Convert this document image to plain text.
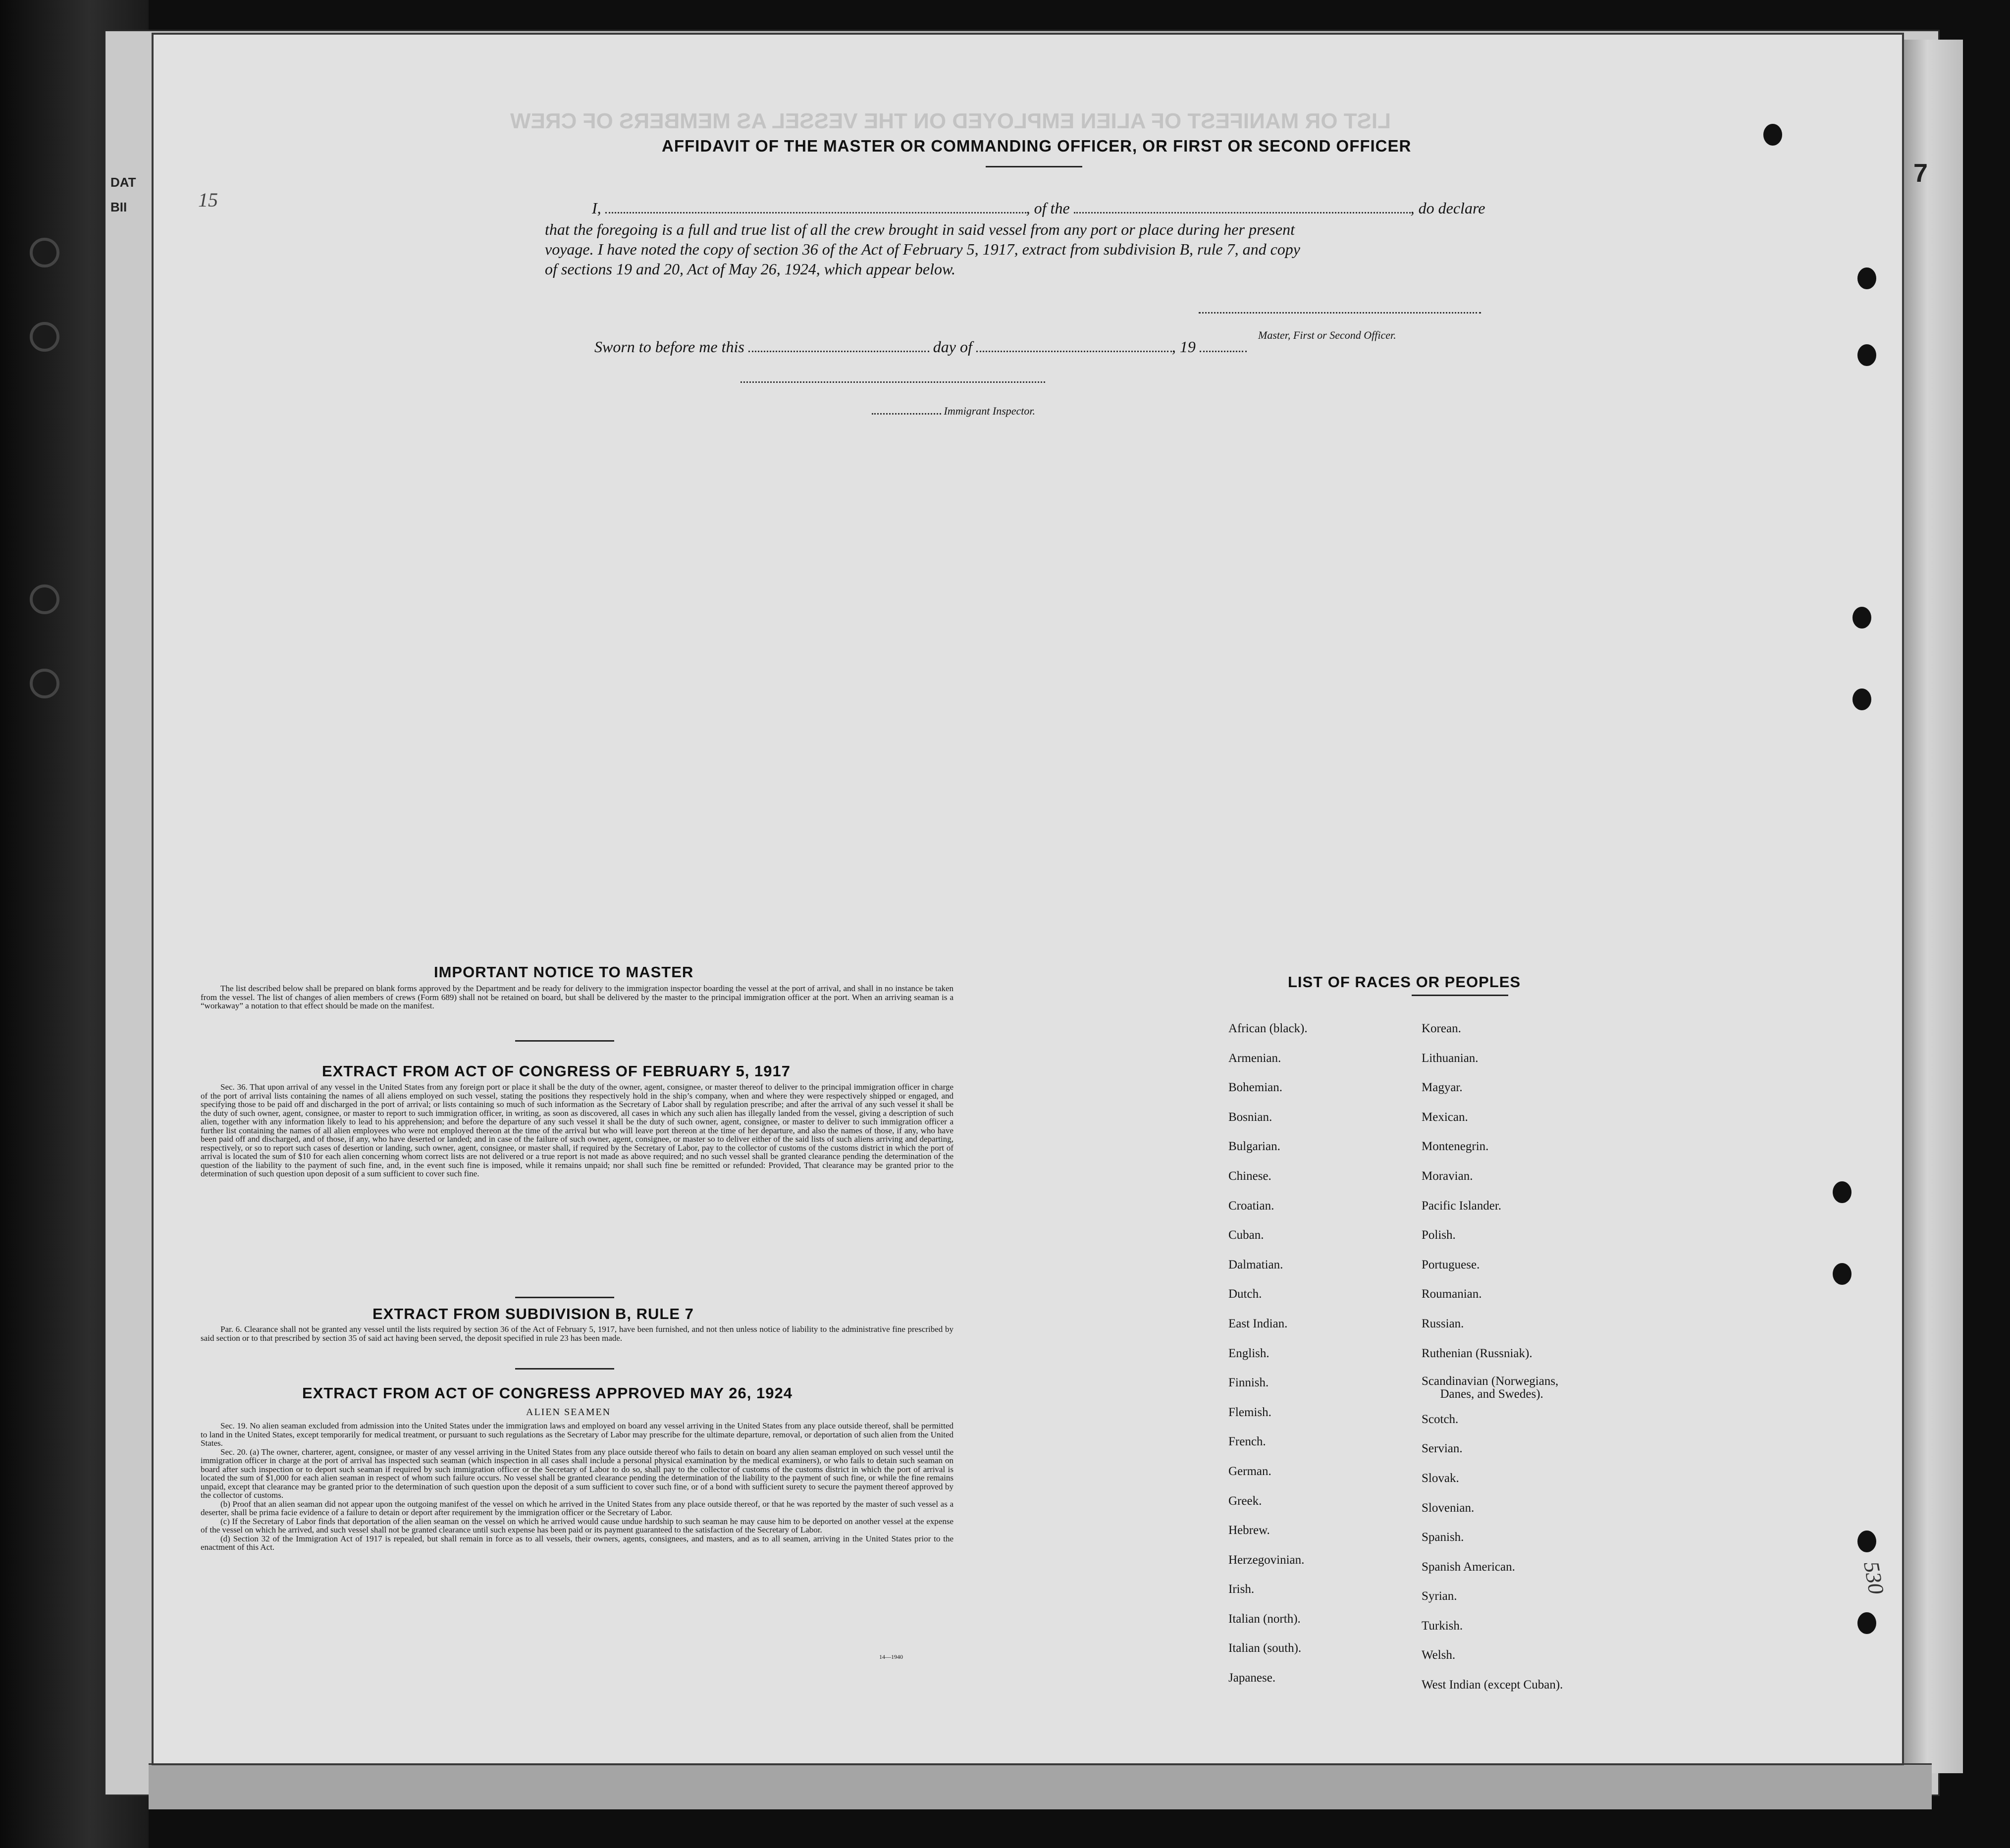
DAT
BII
7
LIST OR MANIFEST OF ALIEN EMPLOYED ON THE VESSEL AS MEMBERS OF CREW
15
AFFIDAVIT OF THE MASTER OR COMMANDING OFFICER, OR FIRST OR SECOND OFFICER
I,	, of the	, do declare
that the foregoing is a full and true list of all the crew brought in said vessel from any port or place during her present
voyage. I have noted the copy of section 36 of the Act of February 5, 1917, extract from subdivision B, rule 7, and copy
of sections 19 and 20, Act of May 26, 1924, which appear below.
Master, First or Second Officer.
Sworn to before me this	day of	, 19
Immigrant Inspector.
IMPORTANT NOTICE TO MASTER

The list described below shall be prepared on blank forms approved by the Department and be ready for delivery to the immigration inspector boarding the vessel at the port of arrival, and shall in no instance be taken from the vessel. The list of changes of alien members of crews (Form 689) shall not be retained on board, but shall be delivered by the master to the principal immigration officer at the port. When an arriving seaman is a “workaway” a notation to that effect should be made on the manifest.

EXTRACT FROM ACT OF CONGRESS OF FEBRUARY 5, 1917

Sec. 36. That upon arrival of any vessel in the United States from any foreign port or place it shall be the duty of the owner, agent, consignee, or master thereof to deliver to the principal immigration officer in charge of the port of arrival lists containing the names of all aliens employed on such vessel, stating the positions they respectively hold in the ship’s company, when and where they were respectively shipped or engaged, and specifying those to be paid off and discharged in the port of arrival; or lists containing so much of such information as the Secretary of Labor shall by regulation prescribe; and after the arrival of any such vessel it shall be the duty of such owner, agent, consignee, or master to report to such immigration officer, in writing, as soon as discovered, all cases in which any such alien has illegally landed from the vessel, giving a description of such alien, together with any information likely to lead to his apprehension; and before the departure of any such vessel it shall be the duty of such owner, agent, consignee, or master to deliver to such immigration officer a further list containing the names of all alien employees who were not employed thereon at the time of the arrival but who will leave port thereon at the time of her departure, and also the names of those, if any, who have been paid off and discharged, and of those, if any, who have deserted or landed; and in case of the failure of such owner, agent, consignee, or master so to deliver either of the said lists of such aliens arriving and departing, respectively, or so to report such cases of desertion or landing, such owner, agent, consignee, or master shall, if required by the Secretary of Labor, pay to the collector of customs of the customs district in which the port of arrival is located the sum of $10 for each alien concerning whom correct lists are not delivered or a true report is not made as above required; and no such vessel shall be granted clearance pending the determination of the question of the liability to the payment of such fine, and, in the event such fine is imposed, while it remains unpaid; nor shall such fine be remitted or refunded: Provided, That clearance may be granted prior to the determination of such question upon deposit of a sum sufficient to cover such fine.

EXTRACT FROM SUBDIVISION B, RULE 7

Par. 6. Clearance shall not be granted any vessel until the lists required by section 36 of the Act of February 5, 1917, have been furnished, and not then unless notice of liability to the administrative fine prescribed by said section or to that prescribed by section 35 of said act having been served, the deposit specified in rule 23 has been made.

EXTRACT FROM ACT OF CONGRESS APPROVED MAY 26, 1924
ALIEN SEAMEN

Sec. 19. No alien seaman excluded from admission into the United States under the immigration laws and employed on board any vessel arriving in the United States from any place outside thereof, shall be permitted to land in the United States, except temporarily for medical treatment, or pursuant to such regulations as the Secretary of Labor may prescribe for the ultimate departure, removal, or deportation of such alien from the United States.

Sec. 20. (a) The owner, charterer, agent, consignee, or master of any vessel arriving in the United States from any place outside thereof who fails to detain on board any alien seaman employed on such vessel until the immigration officer in charge at the port of arrival has inspected such seaman (which inspection in all cases shall include a personal physical examination by the medical examiners), or who fails to detain such seaman on board after such inspection or to deport such seaman if required by such immigration officer or the Secretary of Labor to do so, shall pay to the collector of customs of the customs district in which the port of arrival is located the sum of $1,000 for each alien seaman in respect of whom such failure occurs. No vessel shall be granted clearance pending the determination of the liability to the payment of such fine, or while the fine remains unpaid, except that clearance may be granted prior to the determination of such question upon the deposit of a sum sufficient to cover such fine, or of a bond with sufficient surety to secure the payment thereof approved by the collector of customs.

(b) Proof that an alien seaman did not appear upon the outgoing manifest of the vessel on which he arrived in the United States from any place outside thereof, or that he was reported by the master of such vessel as a deserter, shall be prima facie evidence of a failure to detain or deport after requirement by the immigration officer or the Secretary of Labor.

(c) If the Secretary of Labor finds that deportation of the alien seaman on the vessel on which he arrived would cause undue hardship to such seaman he may cause him to be deported on another vessel at the expense of the vessel on which he arrived, and such vessel shall not be granted clearance until such expense has been paid or its payment guaranteed to the satisfaction of the Secretary of Labor.

(d) Section 32 of the Immigration Act of 1917 is repealed, but shall remain in force as to all vessels, their owners, agents, consignees, and masters, and as to all seamen, arriving in the United States prior to the enactment of this Act.

14—1940
LIST OF RACES OR PEOPLES
African (black).
Armenian.
Bohemian.
Bosnian.
Bulgarian.
Chinese.
Croatian.
Cuban.
Dalmatian.
Dutch.
East Indian.
English.
Finnish.
Flemish.
French.
German.
Greek.
Hebrew.
Herzegovinian.
Irish.
Italian (north).
Italian (south).
Japanese.
Korean.
Lithuanian.
Magyar.
Mexican.
Montenegrin.
Moravian.
Pacific Islander.
Polish.
Portuguese.
Roumanian.
Russian.
Ruthenian (Russniak).
Scandinavian (Norwegians,
Danes, and Swedes).
Scotch.
Servian.
Slovak.
Slovenian.
Spanish.
Spanish American.
Syrian.
Turkish.
Welsh.
West Indian (except Cuban).
530
